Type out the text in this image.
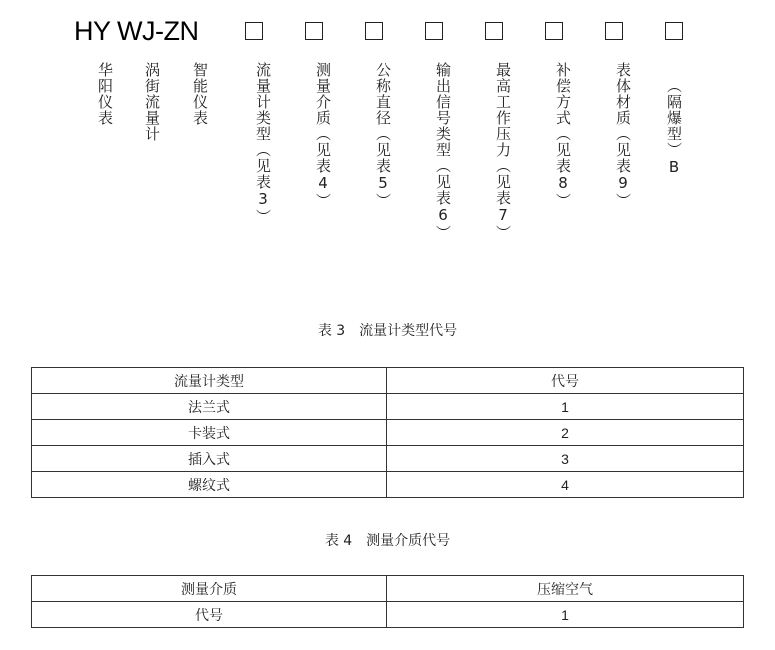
HY WJ-ZN
华阳仪表 涡街流量计 智能仪表	流量计类型（见表3）	测量介质（见表4）	公称直径（见表5）	输出信号类型（见表6）	最高工作压力（见表7）	补偿方式（见表8）	表体材质（见表9） （隔爆型）B
表 3　流量计类型代号
流量计类型	代号
法兰式	1
卡装式	2
插入式	3
螺纹式	4
表 4　测量介质代号
测量介质	压缩空气
代号	1
